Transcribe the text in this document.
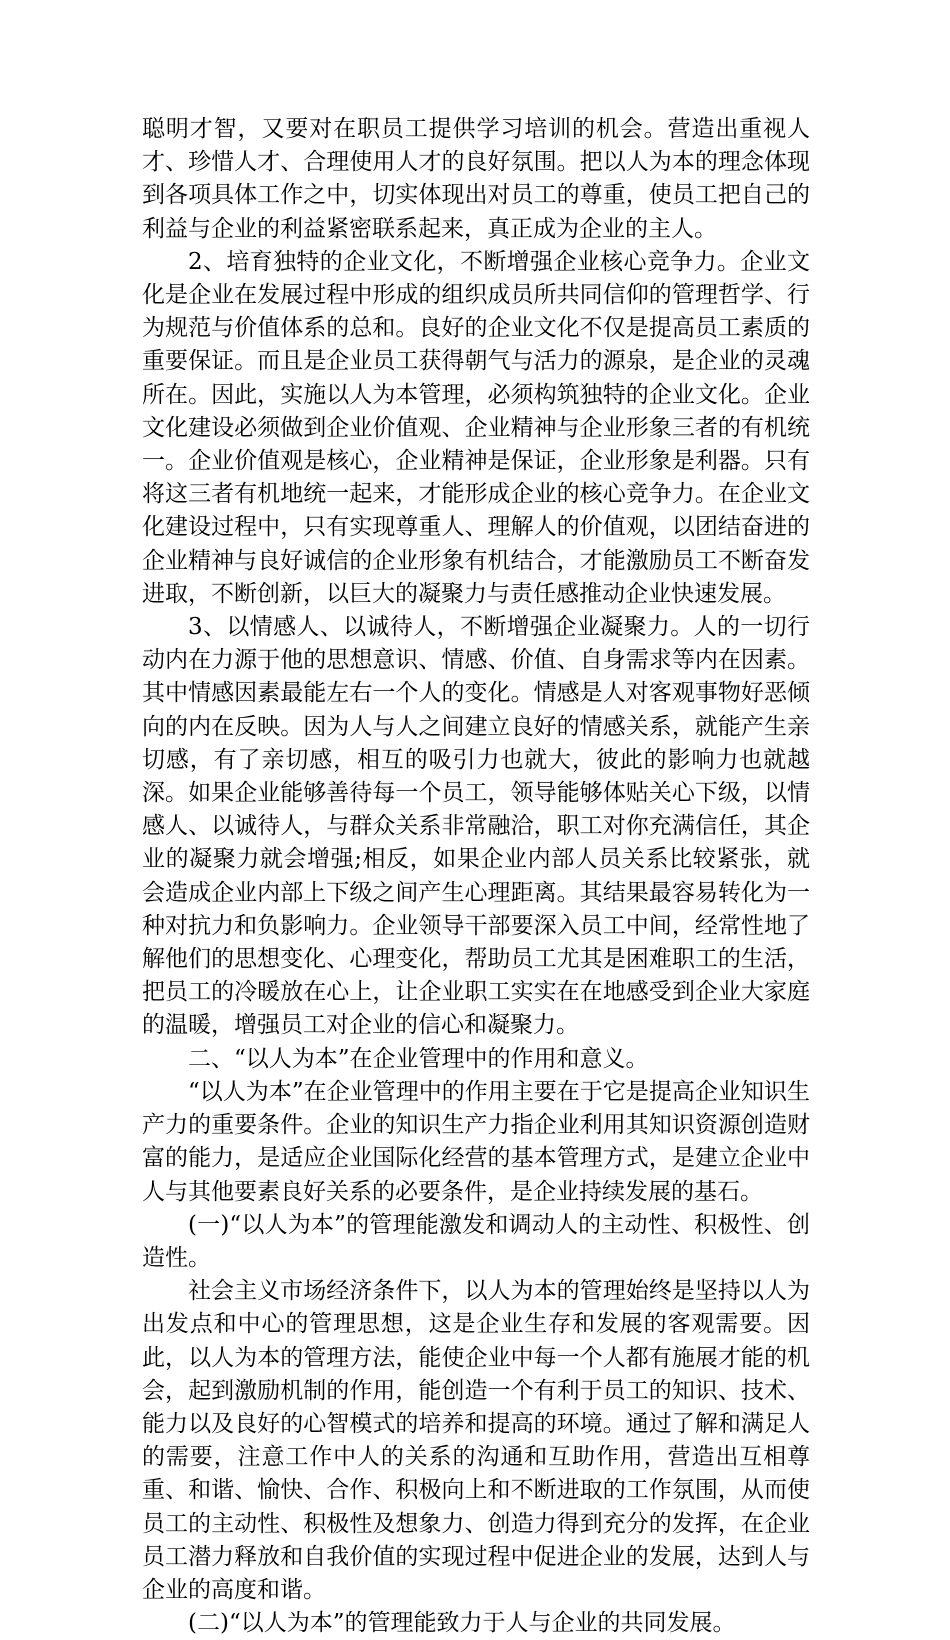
聪明才智，又要对在职员工提供学习培训的机会。营造出重视人才、珍惜人才、合理使用人才的良好氛围。把以人为本的理念体现到各项具体工作之中，切实体现出对员工的尊重，使员工把自己的利益与企业的利益紧密联系起来，真正成为企业的主人。

2、培育独特的企业文化，不断增强企业核心竞争力。企业文化是企业在发展过程中形成的组织成员所共同信仰的管理哲学、行为规范与价值体系的总和。良好的企业文化不仅是提高员工素质的重要保证。而且是企业员工获得朝气与活力的源泉，是企业的灵魂所在。因此，实施以人为本管理，必须构筑独特的企业文化。企业文化建设必须做到企业价值观、企业精神与企业形象三者的有机统一。企业价值观是核心，企业精神是保证，企业形象是利器。只有将这三者有机地统一起来，才能形成企业的核心竞争力。在企业文化建设过程中，只有实现尊重人、理解人的价值观，以团结奋进的企业精神与良好诚信的企业形象有机结合，才能激励员工不断奋发进取，不断创新，以巨大的凝聚力与责任感推动企业快速发展。

3、以情感人、以诚待人，不断增强企业凝聚力。人的一切行动内在力源于他的思想意识、情感、价值、自身需求等内在因素。其中情感因素最能左右一个人的变化。情感是人对客观事物好恶倾向的内在反映。因为人与人之间建立良好的情感关系，就能产生亲切感，有了亲切感，相互的吸引力也就大，彼此的影响力也就越深。如果企业能够善待每一个员工，领导能够体贴关心下级，以情感人、以诚待人，与群众关系非常融洽，职工对你充满信任，其企业的凝聚力就会增强;相反，如果企业内部人员关系比较紧张，就会造成企业内部上下级之间产生心理距离。其结果最容易转化为一种对抗力和负影响力。企业领导干部要深入员工中间，经常性地了解他们的思想变化、心理变化，帮助员工尤其是困难职工的生活，把员工的冷暖放在心上，让企业职工实实在在地感受到企业大家庭的温暖，增强员工对企业的信心和凝聚力。

二、“以人为本”在企业管理中的作用和意义。

“以人为本”在企业管理中的作用主要在于它是提高企业知识生产力的重要条件。企业的知识生产力指企业利用其知识资源创造财富的能力，是适应企业国际化经营的基本管理方式，是建立企业中人与其他要素良好关系的必要条件，是企业持续发展的基石。

(一)“以人为本”的管理能激发和调动人的主动性、积极性、创造性。

社会主义市场经济条件下，以人为本的管理始终是坚持以人为出发点和中心的管理思想，这是企业生存和发展的客观需要。因此，以人为本的管理方法，能使企业中每一个人都有施展才能的机会，起到激励机制的作用，能创造一个有利于员工的知识、技术、能力以及良好的心智模式的培养和提高的环境。通过了解和满足人的需要，注意工作中人的关系的沟通和互助作用，营造出互相尊重、和谐、愉快、合作、积极向上和不断进取的工作氛围，从而使员工的主动性、积极性及想象力、创造力得到充分的发挥，在企业员工潜力释放和自我价值的实现过程中促进企业的发展，达到人与企业的高度和谐。

(二)“以人为本”的管理能致力于人与企业的共同发展。
